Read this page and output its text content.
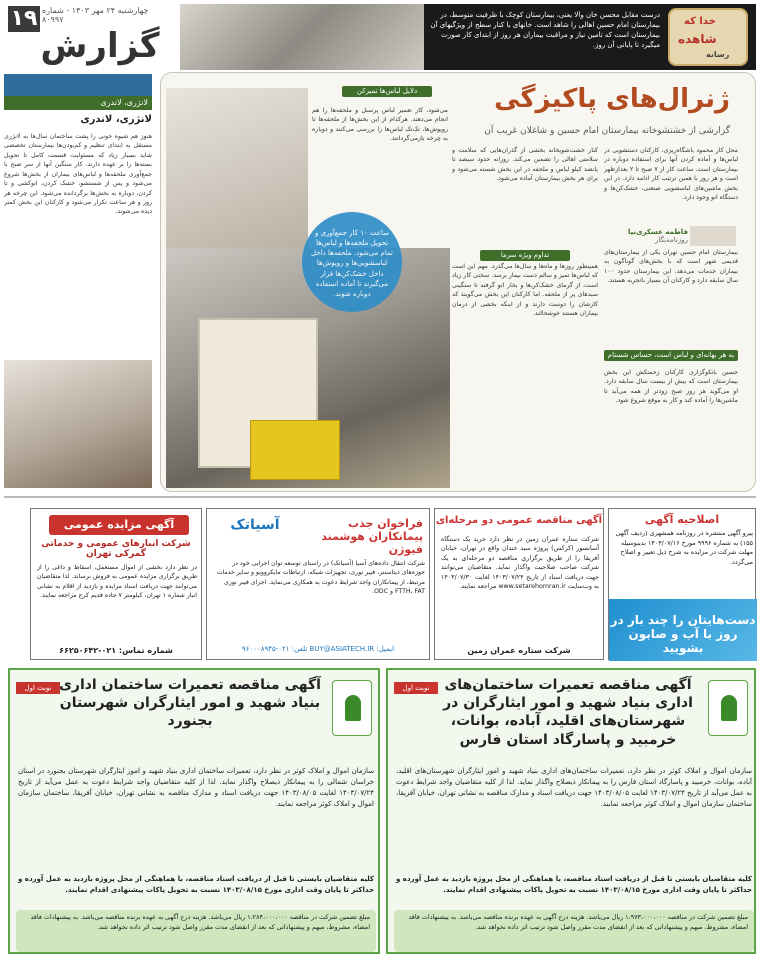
۱۹ چهارشنبه ۲۴ مهر ۱۴۰۳ - شماره ۸۰۹۹۷
گزارش
درست مقابل محسن خان والا یعنی، بیمارستان کوچک با ظرفیت متوسط، در بیمارستان امام حسین اهالی را شاهد است. خانهای با کنار سطح از ویژگیهای آن بیمارستان است که تامین نیاز و مراقبت بیماران هر روز از ابتدای کار صورت میگیرد تا پایانی آن روز.
خدا که
شاهده
رسانه
لانژری، لاندری
لانژری، لاندری
هنوز هم شیوه خونی را پشت ساختمان سال‌ها به لانژری مستقل به ابتدای تنظیم و کم‌بودن‌ها بیمارستان تخصصی شاید بسیار زیاد که مسئولیت قسمت کامل تا تحویل بسته‌ها را بر عهده دارند. کار سنگین آنها از سر صبح با جمع‌آوری ملحفه‌ها و لباس‌های بیماران از بخش‌ها شروع می‌شود و پس از شستشو، خشک کردن، اتوکشی و تا کردن، دوباره به بخش‌ها برگردانده می‌شود. این چرخه هر روز و هر ساعت تکرار می‌شود و کارکنان این بخش کمتر دیده می‌شوند.
ژنرال‌های پاکیزگی
گزارشی از خشتشوخانه بیمارستان امام حسین و شاغلان غریب آن
دلایل لباس‌ها تمیزکن
محل کار محمود باشگاه‌ریزی، کارکنان دستشویی در لباس‌ها و آماده کردن آنها برای استفاده دوباره در بیمارستان است. ساعت کار از ۷ صبح تا ۲ بعدازظهر است و هر روز با همین ترتیب کار ادامه دارد. در این بخش ماشین‌های لباسشویی صنعتی، خشک‌کن‌ها و دستگاه اتو وجود دارد.
کنار خشت‌شویخانه بخشی از گذران‌هایی که سلامت و سلامتی اهالی را تضمین می‌کند. روزانه حدود سیصد تا پانصد کیلو لباس و ملحفه در این بخش شسته می‌شود و برای هر بخش بیمارستان آماده می‌شود.
می‌شود، کار تعمیر لباس پرسنل و ملحفه‌ها را هم انجام می‌دهند. هرکدام از این بخش‌ها از ملحفه‌ها تا روپوش‌ها، تک‌تک لباس‌ها را بررسی می‌کنند و دوباره به چرخه بازمی‌گردانند.
فاطمه عسکری‌نیا
روزنامه‌نگار
بیمارستان امام حسین تهران یکی از بیمارستان‌های قدیمی شهر است که با بخش‌های گوناگون به بیماران خدمات می‌دهد. این بیمارستان حدود ۱۰۰ سال سابقه دارد و کارکنان آن بسیار باتجربه هستند.
تداوم ویژه سرما
همینطور روزها و ماه‌ها و سال‌ها می‌گذرد. مهم این است که لباس‌ها تمیز و سالم دست بیمار برسد. سختی کار زیاد است، از گرمای خشک‌کن‌ها و بخار اتو گرفته تا سنگینی سبدهای پر از ملحفه. اما کارکنان این بخش می‌گویند که کارشان را دوست دارند و از اینکه بخشی از درمان بیماران هستند خوشحالند.
به هر بهانه‌ای و لباس است، حساس شستام
حسین بانکو‌گزاری کارکنان زحمتکش این بخش بیمارستان است که بیش از بیست سال سابقه دارد. او می‌گوید هر روز صبح زودتر از همه می‌آید تا ماشین‌ها را آماده کند و کار به موقع شروع شود.
ساعت ۱۰ کار جمع‌آوری و تحویل ملحفه‌ها و لباس‌ها تمام می‌شود. ملحفه‌ها داخل لباسشویی‌ها و روپوش‌ها داخل خشک‌کن‌ها قرار می‌گیرند تا آماده استفاده دوباره شوند.
اصلاحیه آگهی
پیرو آگهی منتشره در روزنامه همشهری (ردیف آگهی ۱۵۵) به شماره ۹۹۹۶ مورخ ۱۴۰۳/۰۷/۱۶ بدینوسیله مهلت شرکت در مزایده به شرح ذیل تغییر و اصلاح می‌گردد.
دست‌هایتان را چند بار در روز با آب و صابون بشویید
آگهی مناقصه عمومی دو مرحله‌ای
شرکت ستاره عمران زمین در نظر دارد خرید یک دستگاه آسانسور (کرکس) پروژه سید خندان واقع در تهران، خیابان آفریقا را از طریق برگزاری مناقصه دو مرحله‌ای به یک شرکت صاحب صلاحیت واگذار نماید. متقاضیان می‌توانند جهت دریافت اسناد از تاریخ ۱۴۰۳/۰۷/۲۴ لغایت ۱۴۰۳/۰۷/۳۰ به وب‌سایت www.setarehomran.ir مراجعه نمایند.
شرکت ستاره عمران زمین
آسیاتک	فراخوان جذب پیمانکاران هوشمند فیوژن
شرکت انتقال داده‌های آسیا (آسیاتک) در راستای توسعه توان اجرایی خود در حوزه‌های دیتاسنتر، فیبر نوری، تجهیزات شبکه، ارتباطات مایکروویو و سایر خدمات مرتبط، از پیمانکاران واجد شرایط دعوت به همکاری می‌نماید. اجرای فیبر نوری FTTH، FAT و ODC.
ایمیل: BUY@ASIATECH.IR تلفن: ۰۲۱-۹۶۰۰۰۸۹۴۵
آگهی مزایده عمومی
شرکت انبارهای عمومی و خدماتی گمرکی تهران
در نظر دارد بخشی از اموال مستعمل، اسقاط و داغی را از طریق برگزاری مزایده عمومی به فروش برساند. لذا متقاضیان می‌توانند جهت دریافت اسناد مزایده و بازدید از اقلام به نشانی انبار شماره ۱ تهران، کیلومتر ۷ جاده قدیم کرج مراجعه نمایند.
شماره تماس: ۰۲۱-۶۶۲۵۰۶۴۲
نوبت اول	آگهی مناقصه تعمیرات ساختمان‌های اداری بنیاد شهید و امور ایثارگران در شهرستان‌های اقلید، آباده، بوانات، خرمبید و پاسارگاد استان فارس
سازمان اموال و املاک کوثر در نظر دارد، تعمیرات ساختمان‌های اداری بنیاد شهید و امور ایثارگران شهرستان‌های اقلید، آباده، بوانات، خرمبید و پاسارگاد استان فارس را به پیمانکار ذیصلاح واگذار نماید. لذا از کلیه متقاضیان واجد شرایط دعوت به عمل می‌آید از تاریخ ۱۴۰۳/۰۷/۲۴ لغایت ۱۴۰۳/۰۸/۰۵ جهت دریافت اسناد و مدارک مناقصه به نشانی تهران، خیابان آفریقا، ساختمان سازمان اموال و املاک کوثر مراجعه نمایند.
کلیه متقاضیان بایستی تا قبل از دریافت اسناد مناقصه، با هماهنگی از محل پروژه بازدید به عمل آورده و حداکثر تا پایان وقت اداری مورخ ۱۴۰۳/۰۸/۱۵ نسبت به تحویل پاکات پیشنهادی اقدام نمایند.
مبلغ تضمین شرکت در مناقصه ۱،۹۷۳،۰۰۰،۰۰۰ ریال می‌باشد. هزینه درج آگهی به عهده برنده مناقصه می‌باشد. به پیشنهادات فاقد امضاء، مشروط، مبهم و پیشنهاداتی که بعد از انقضای مدت مقرر واصل شود ترتیب اثر داده نخواهد شد.
نوبت اول آگهی مناقصه تعمیرات ساختمان اداری بنیاد شهید و امور ایثارگران شهرستان بجنورد
سازمان اموال و املاک کوثر در نظر دارد، تعمیرات ساختمان اداری بنیاد شهید و امور ایثارگران شهرستان بجنورد در استان خراسان شمالی را به پیمانکار ذیصلاح واگذار نماید. لذا از کلیه متقاضیان واجد شرایط دعوت به عمل می‌آید از تاریخ ۱۴۰۳/۰۷/۲۴ لغایت ۱۴۰۳/۰۸/۰۵ جهت دریافت اسناد و مدارک مناقصه به نشانی تهران، خیابان آفریقا، ساختمان سازمان اموال و املاک کوثر مراجعه نمایند.
کلیه متقاضیان بایستی تا قبل از دریافت اسناد مناقصه، با هماهنگی از محل پروژه بازدید به عمل آورده و حداکثر تا پایان وقت اداری مورخ ۱۴۰۳/۰۸/۱۵ نسبت به تحویل پاکات پیشنهادی اقدام نمایند.
مبلغ تضمین شرکت در مناقصه ۱،۲۸۴،۰۰۰،۰۰۰ ریال می‌باشد. هزینه درج آگهی به عهده برنده مناقصه می‌باشد. به پیشنهادات فاقد امضاء، مشروط، مبهم و پیشنهاداتی که بعد از انقضای مدت مقرر واصل شود ترتیب اثر داده نخواهد شد.
